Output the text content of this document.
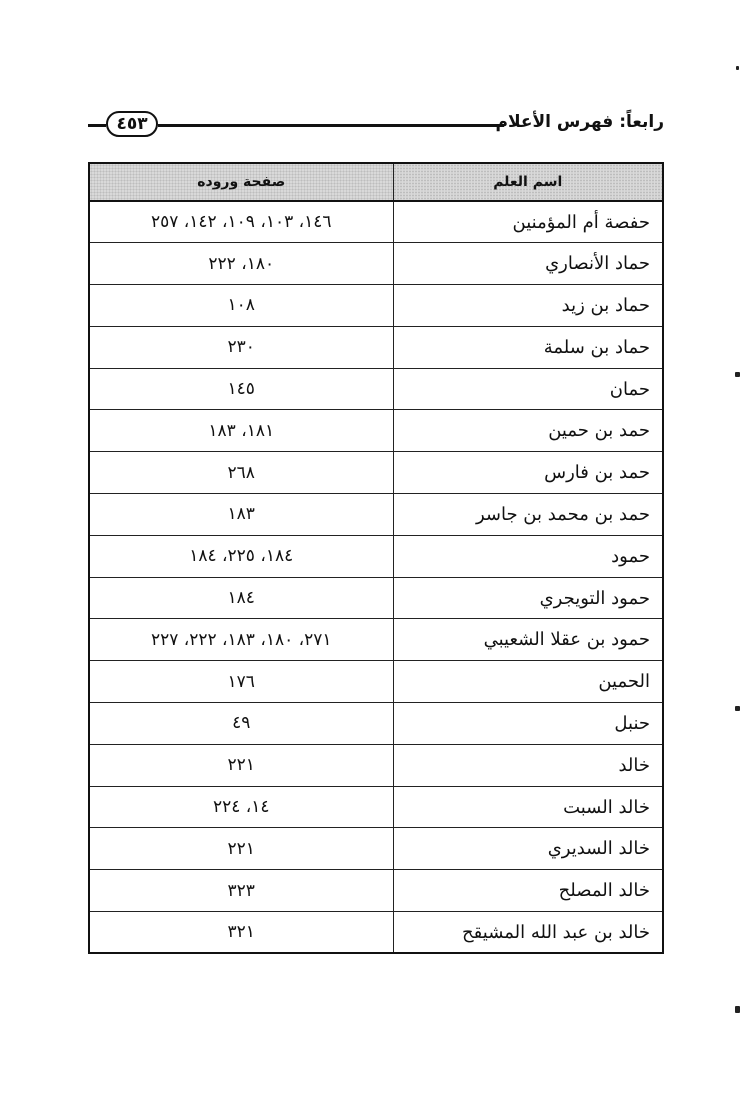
٤٥٣	رابعاً: فهرس الأعلام
اسم العلم	صفحة وروده
حفصة أم المؤمنين	١٤٦، ١٠٣، ١٠٩، ١٤٢، ٢٥٧
حماد الأنصاري	١٨٠، ٢٢٢
حماد بن زيد	١٠٨
حماد بن سلمة	٢٣٠
حمان	١٤٥
حمد بن حمين	١٨١، ١٨٣
حمد بن فارس	٢٦٨
حمد بن محمد بن جاسر	١٨٣
حمود	١٨٤، ٢٢٥، ١٨٤
حمود التويجري	١٨٤
حمود بن عقلا الشعيبي	٢٧١، ١٨٠، ١٨٣، ٢٢٢، ٢٢٧
الحمين	١٧٦
حنبل	٤٩
خالد	٢٢١
خالد السبت	١٤، ٢٢٤
خالد السديري	٢٢١
خالد المصلح	٣٢٣
خالد بن عبد الله المشيقح	٣٢١
